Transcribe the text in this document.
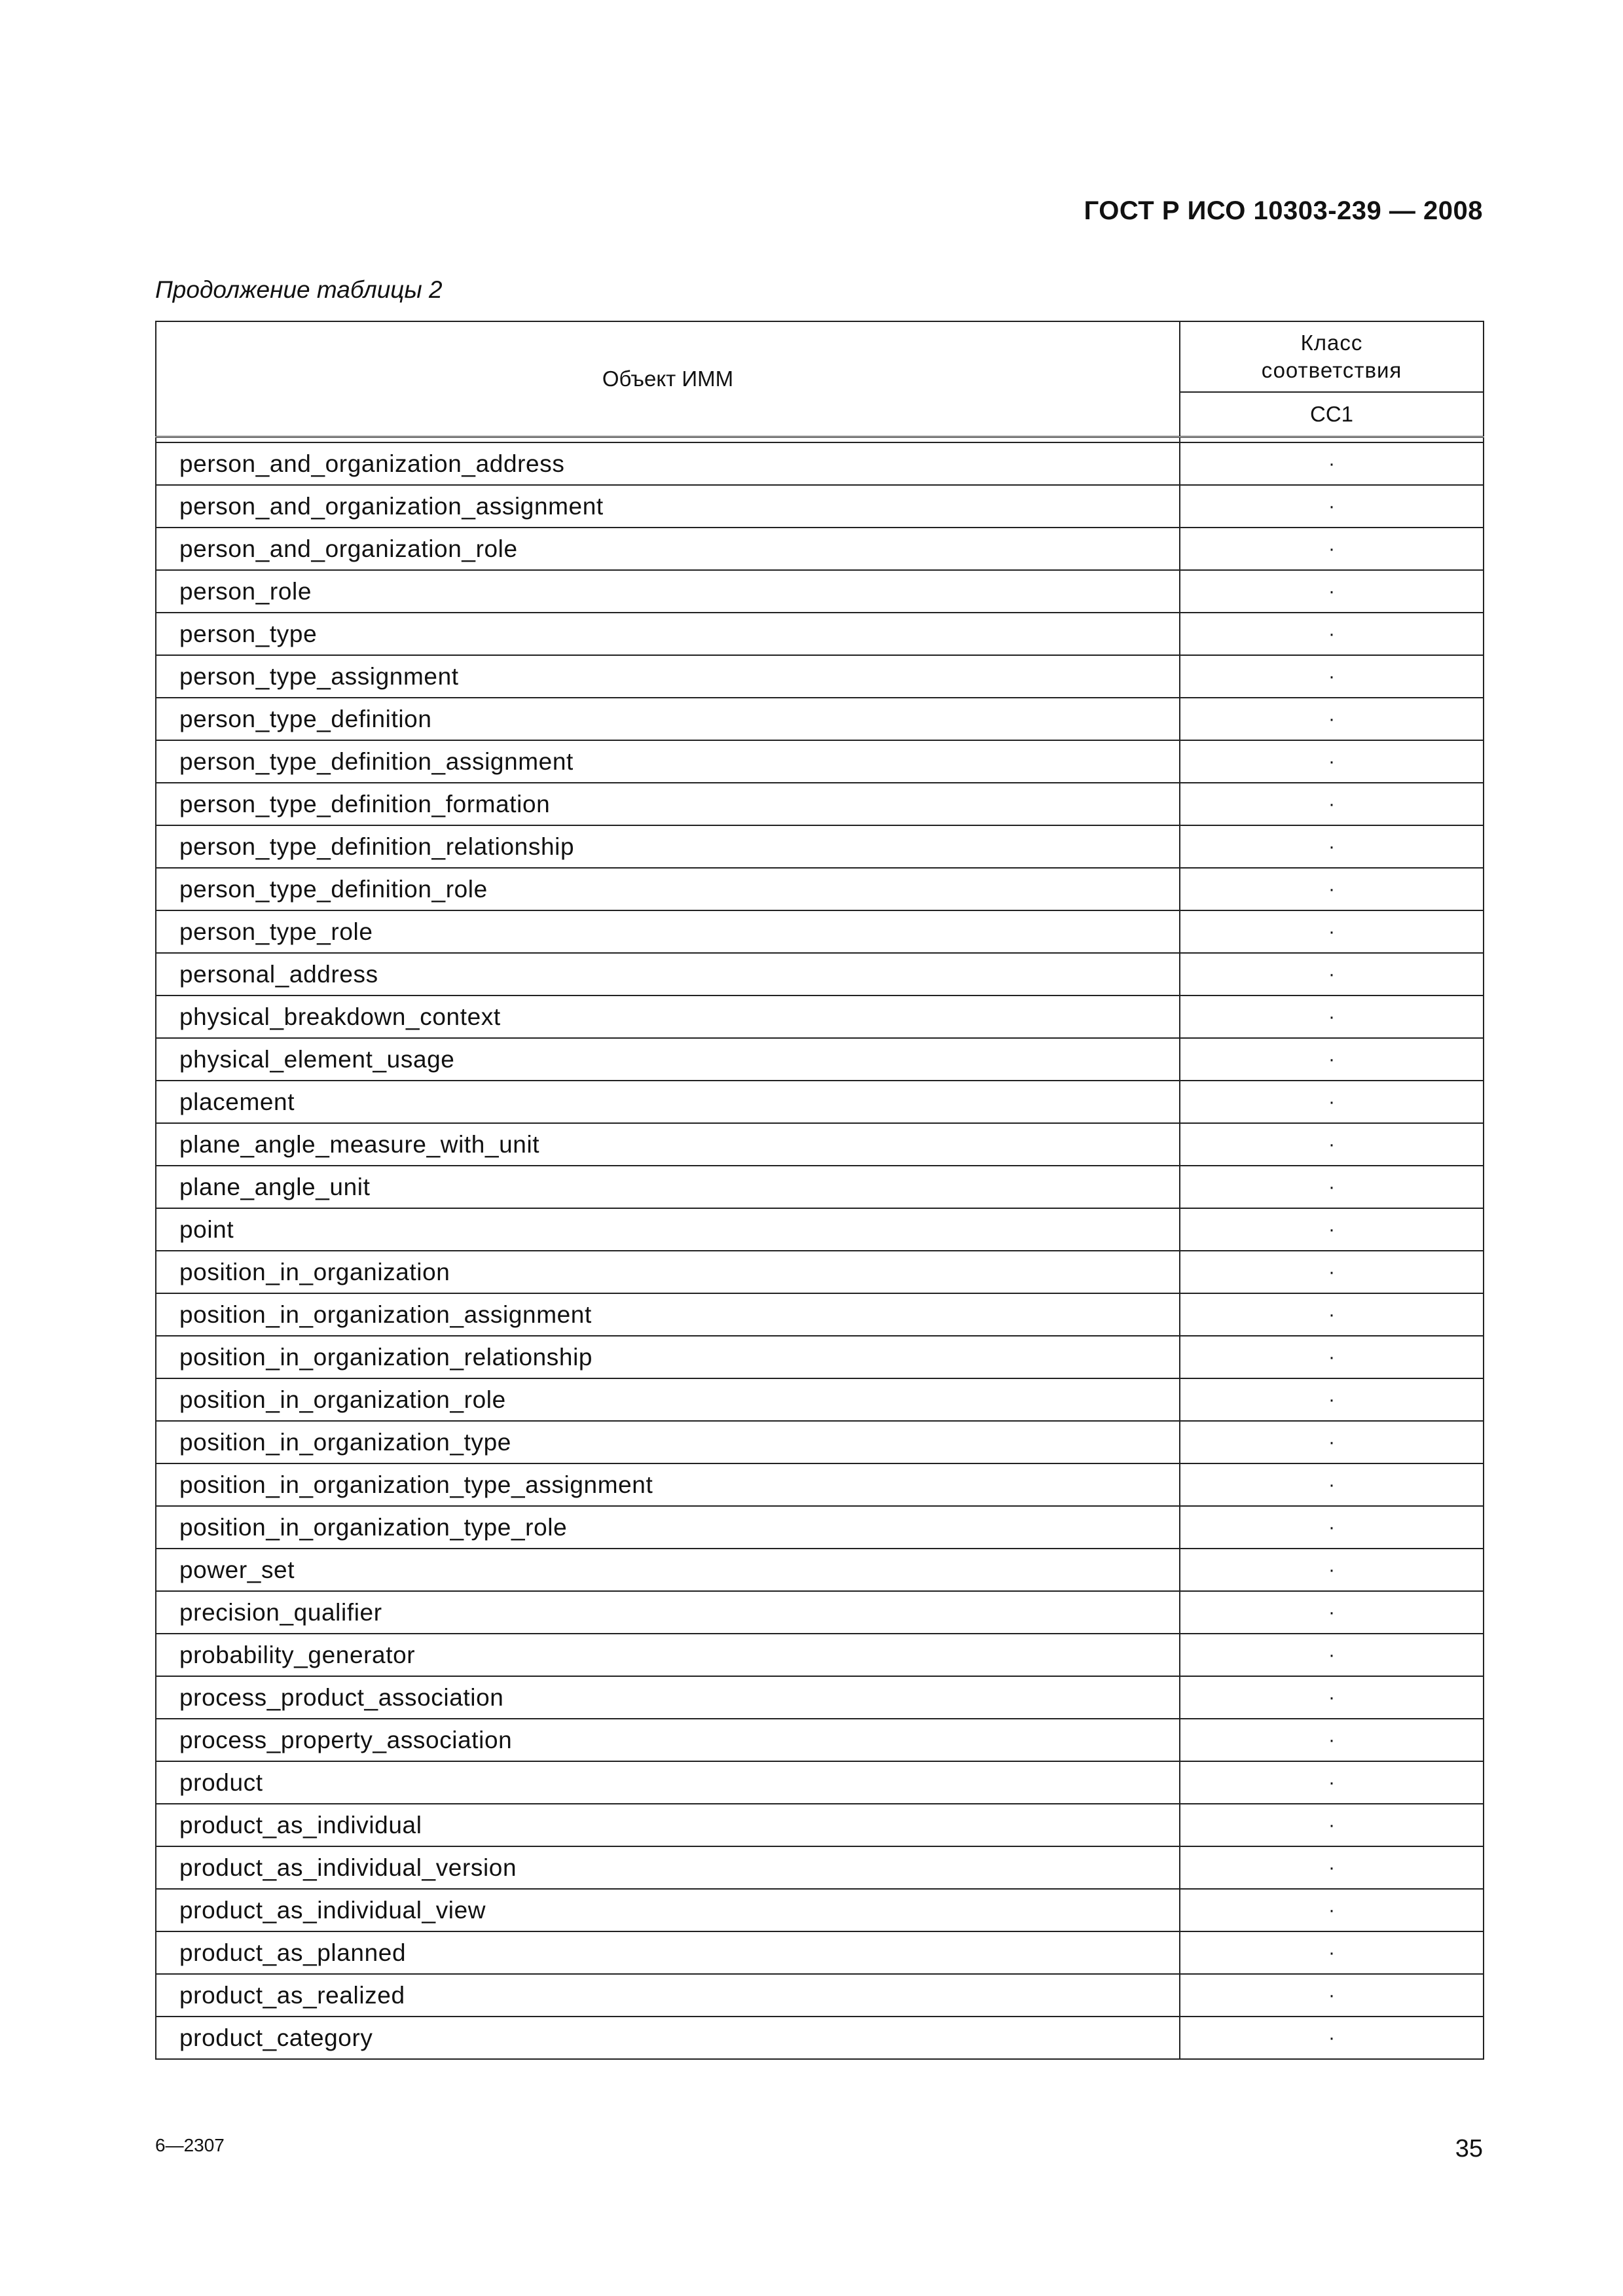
ГОСТ Р ИСО 10303-239 — 2008
Продолжение таблицы 2
Объект ИММ	Класс
соответствия
	CC1

person_and_organization_address	·
person_and_organization_assignment	·
person_and_organization_role	·
person_role	·
person_type	·
person_type_assignment	·
person_type_definition	·
person_type_definition_assignment	·
person_type_definition_formation	·
person_type_definition_relationship	·
person_type_definition_role	·
person_type_role	·
personal_address	·
physical_breakdown_context	·
physical_element_usage	·
placement	·
plane_angle_measure_with_unit	·
plane_angle_unit	·
point	·
position_in_organization	·
position_in_organization_assignment	·
position_in_organization_relationship	·
position_in_organization_role	·
position_in_organization_type	·
position_in_organization_type_assignment	·
position_in_organization_type_role	·
power_set	·
precision_qualifier	·
probability_generator	·
process_product_association	·
process_property_association	·
product	·
product_as_individual	·
product_as_individual_version	·
product_as_individual_view	·
product_as_planned	·
product_as_realized	·
product_category	·
6—2307	35
